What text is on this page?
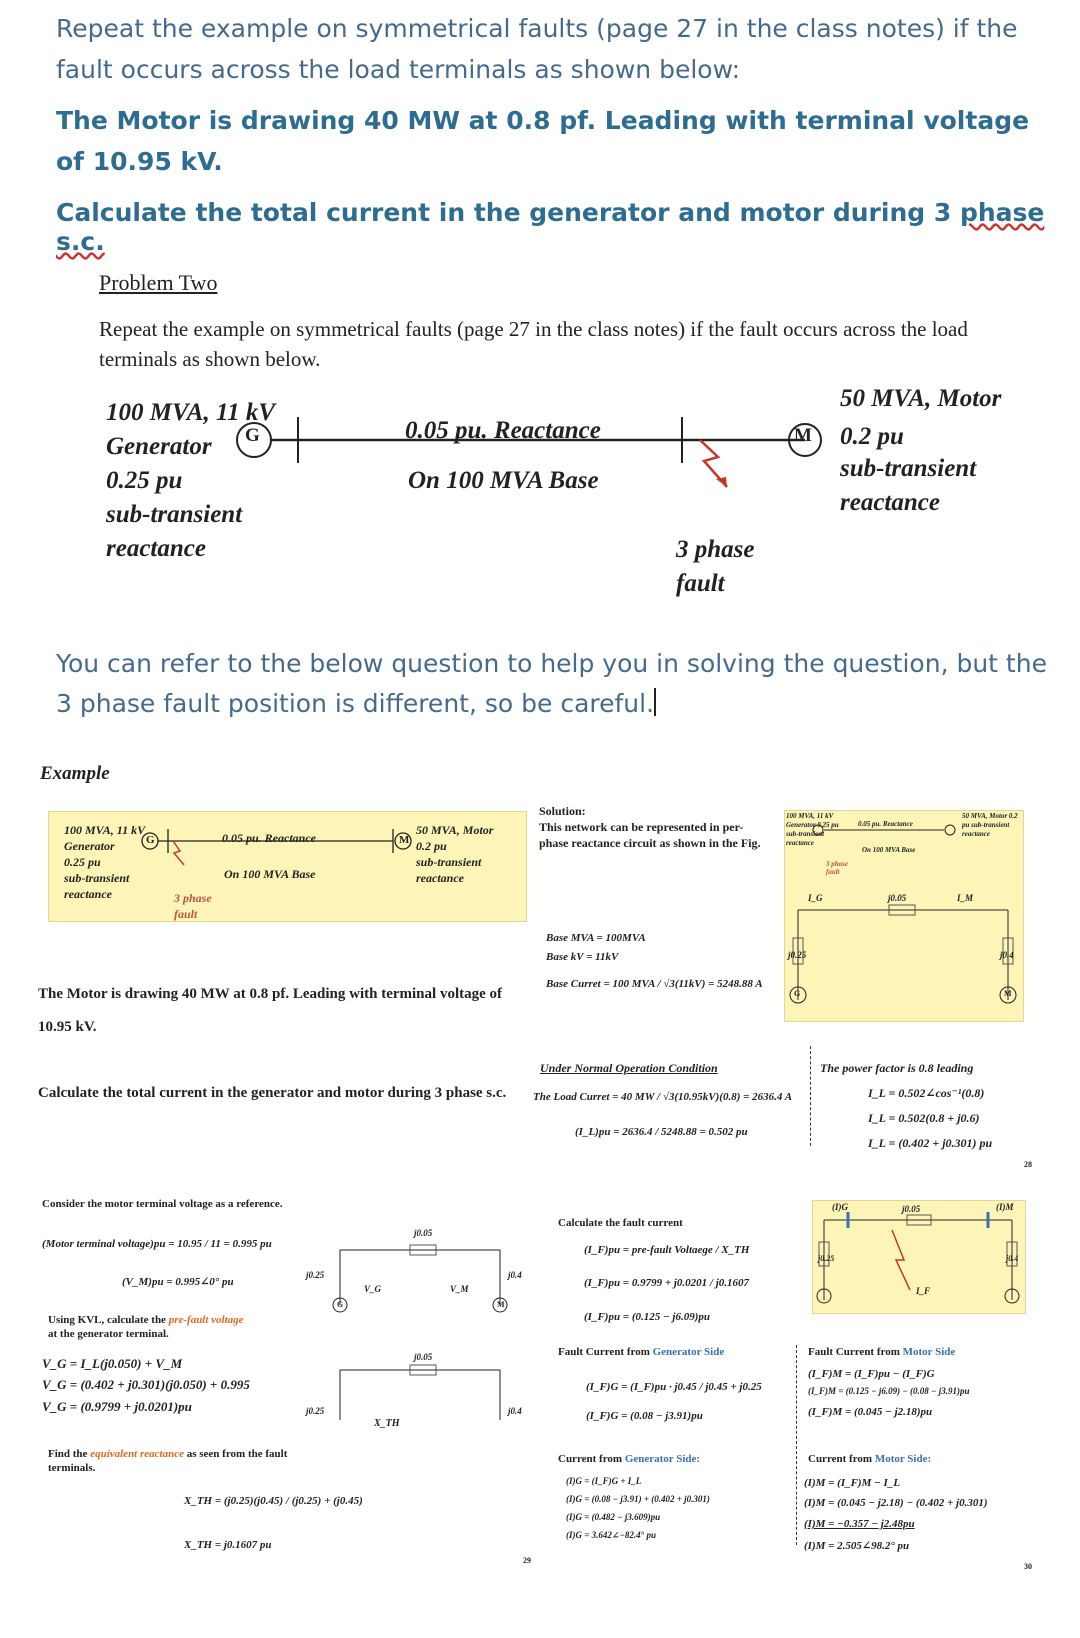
Repeat the example on symmetrical faults (page 27 in the class notes) if the fault occurs across the load terminals as shown below:
The Motor is drawing 40 MW at 0.8 pf. Leading with terminal voltage of 10.95 kV.
Calculate the total current in the generator and motor during 3 phase s.c.
Problem Two
Repeat the example on symmetrical faults (page 27 in the class notes) if the fault occurs across the load terminals as shown below.
100 MVA, 11 kV
Generator
0.25 pu
sub-transient
reactance
G	M
0.05 pu. Reactance
On 100 MVA Base
50 MVA, Motor
0.2 pu
sub-transient
reactance
3 phase
fault
You can refer to the below question to help you in solving the question, but the 3 phase fault position is different, so be careful.
Example
100 MVA, 11 kV
Generator
0.25 pu
sub-transient
reactance
G	M
0.05 pu. Reactance
On 100 MVA Base
3 phase
fault
50 MVA, Motor
0.2 pu
sub-transient
reactance
The Motor is drawing 40 MW at 0.8 pf. Leading with terminal voltage of 10.95 kV.
Calculate the total current in the generator and motor during 3 phase s.c.
Solution:
This network can be represented in per-phase reactance circuit as shown in the Fig.
Base MVA = 100MVA
Base kV = 11kV
Base Curret = 100 MVA / √3(11kV) = 5248.88 A
Under Normal Operation Condition
The Load Curret = 40 MW / √3(10.95kV)(0.8) = 2636.4 A
(I_L)pu = 2636.4 / 5248.88 = 0.502 pu
100 MVA, 11 kV Generator 0.25 pu sub-transient reactance
0.05 pu. Reactance
On 100 MVA Base
50 MVA, Motor 0.2 pu sub-transient reactance
3 phase fault
I_G	I_M
j0.05
j0.25	j0.4
G	M
The power factor is 0.8 leading
I_L = 0.502∠cos⁻¹(0.8)
I_L = 0.502(0.8 + j0.6)
I_L = (0.402 + j0.301) pu
28
Consider the motor terminal voltage as a reference.
(Motor terminal voltage)pu = 10.95 / 11 = 0.995 pu
(V_M)pu = 0.995∠0° pu
Using KVL, calculate the pre-fault voltage
at the generator terminal.
V_G = I_L(j0.050) + V_M
V_G = (0.402 + j0.301)(j0.050) + 0.995
V_G = (0.9799 + j0.0201)pu
Find the equivalent reactance as seen from the fault terminals.
X_TH = (j0.25)(j0.45) / (j0.25) + (j0.45)
X_TH = j0.1607 pu
j0.05
j0.25	j0.4
V_G	V_M
G	M
j0.05
j0.25	j0.4
X_TH
29
Calculate the fault current
(I_F)pu = pre-fault Voltaege / X_TH
(I_F)pu = 0.9799 + j0.0201 / j0.1607
(I_F)pu = (0.125 − j6.09)pu
(I)G	(I)M
j0.05
j0.25	j0.4
I_F
Fault Current from Generator Side
(I_F)G = (I_F)pu · j0.45 / j0.45 + j0.25
(I_F)G = (0.08 − j3.91)pu
Fault Current from Motor Side
(I_F)M = (I_F)pu − (I_F)G
(I_F)M = (0.125 − j6.09) − (0.08 − j3.91)pu
(I_F)M = (0.045 − j2.18)pu
Current from Generator Side:
(I)G = (I_F)G + I_L
(I)G = (0.08 − j3.91) + (0.402 + j0.301)
(I)G = (0.482 − j3.609)pu
(I)G = 3.642∠−82.4° pu
Current from Motor Side:
(I)M = (I_F)M − I_L
(I)M = (0.045 − j2.18) − (0.402 + j0.301)
(I)M = −0.357 − j2.48pu
(I)M = 2.505∠98.2° pu
30
